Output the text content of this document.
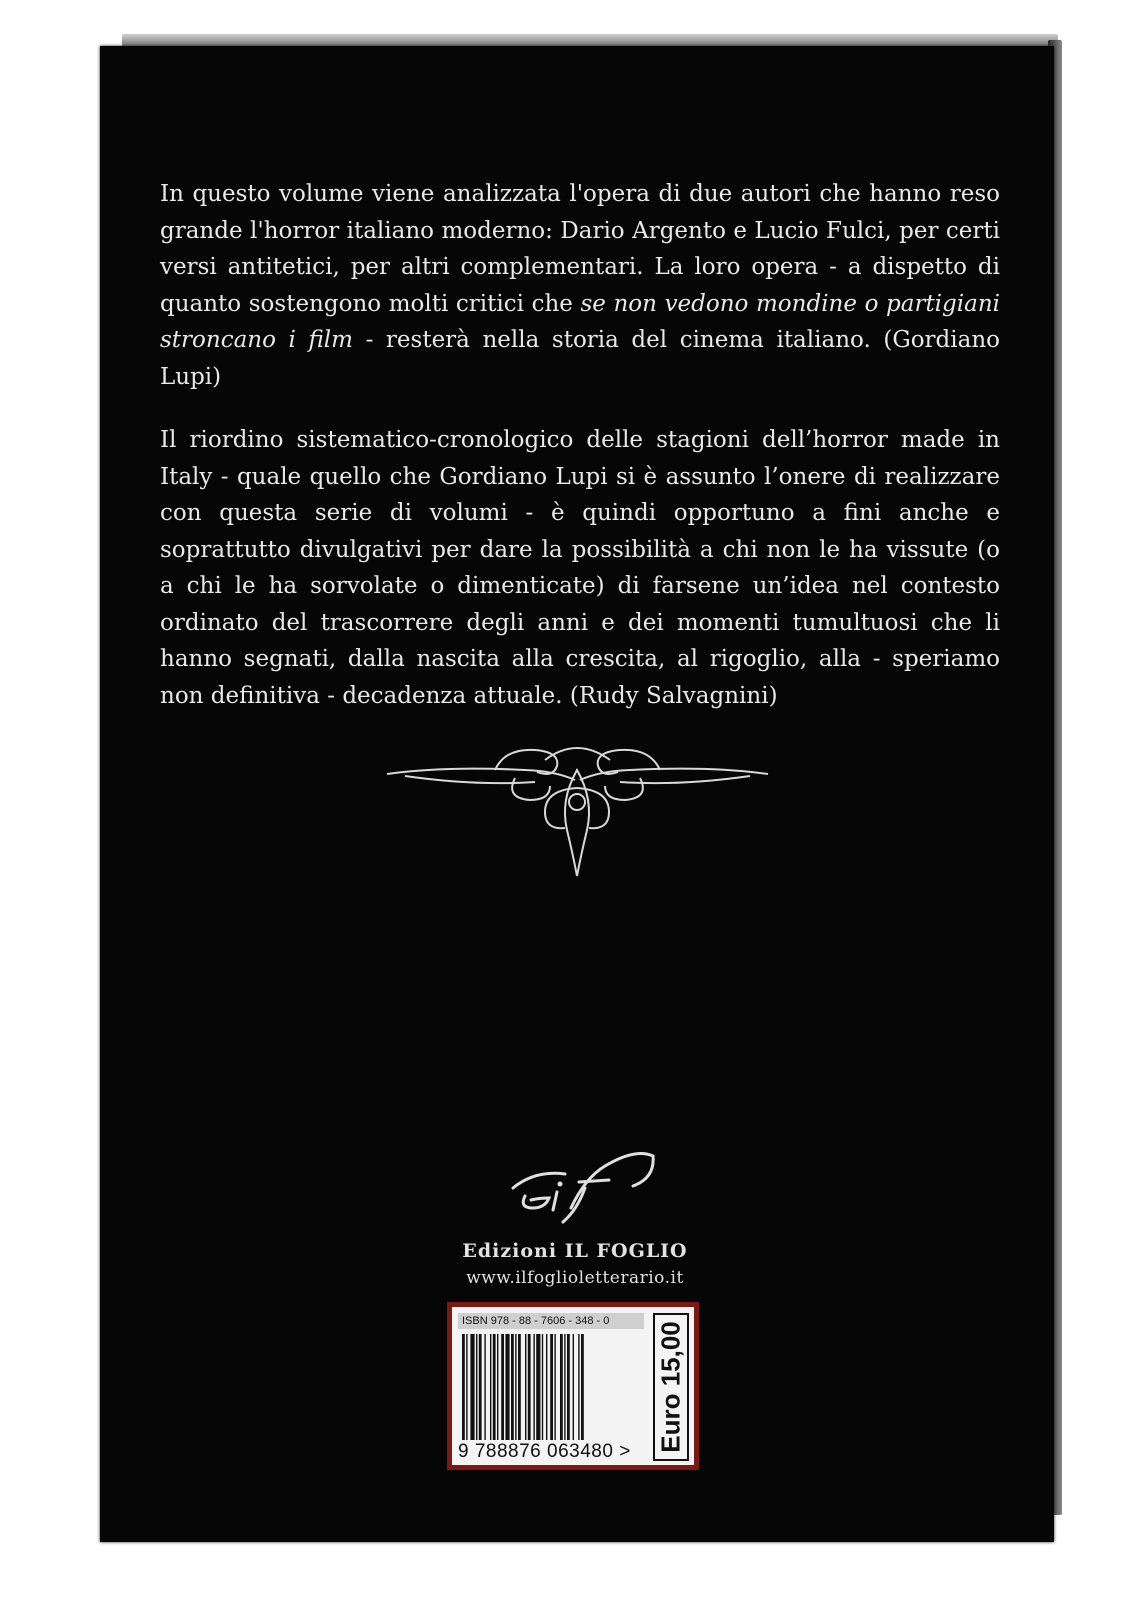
In questo volume viene analizzata l'opera di due autori che hanno reso grande l'horror italiano moderno: Dario Argento e Lucio Fulci, per certi versi antitetici, per altri complementari. La loro opera - a dispetto di quanto sostengono molti critici che se non vedono mondine o partigiani stroncano i film - resterà nella storia del cinema italiano. (Gordiano Lupi)

Il riordino sistematico-cronologico delle stagioni dell’horror made in Italy - quale quello che Gordiano Lupi si è assunto l’onere di realizzare con questa serie di volumi - è quindi opportuno a fini anche e soprattutto divulgativi per dare la possibilità a chi non le ha vissute (o a chi le ha sorvolate o dimenticate) di farsene un’idea nel contesto ordinato del trascorrere degli anni e dei momenti tumultuosi che li hanno segnati, dalla nascita alla crescita, al rigoglio, alla - speriamo non definitiva - decadenza attuale. (Rudy Salvagnini)

Edizioni IL FOGLIO
www.ilfoglioletterario.it
ISBN 978 - 88 - 7606 - 348 - 0
9 788876 063480 > Euro 15,00
